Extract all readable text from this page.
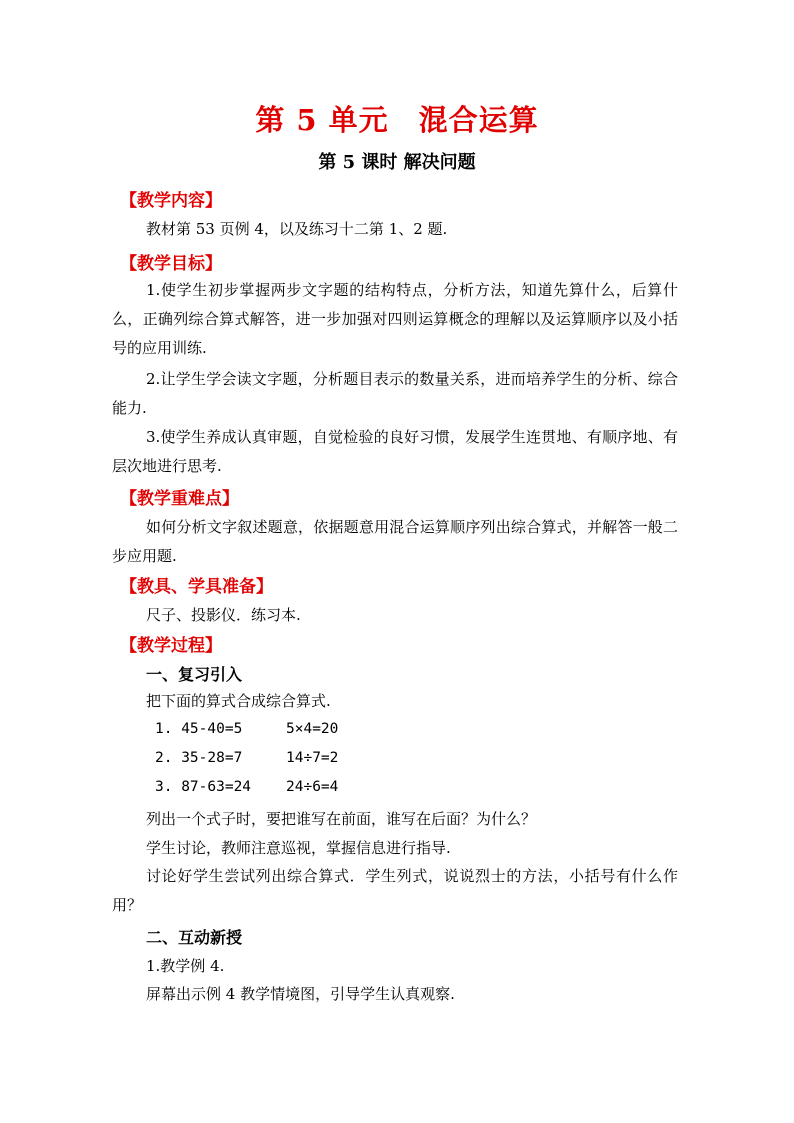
第 5 单元　混合运算
第 5 课时 解决问题
【教学内容】

教材第 53 页例 4，以及练习十二第 1、2 题.

【教学目标】

1.使学生初步掌握两步文字题的结构特点，分析方法，知道先算什么，后算什么，正确列综合算式解答，进一步加强对四则运算概念的理解以及运算顺序以及小括号的应用训练.

2.让学生学会读文字题，分析题目表示的数量关系，进而培养学生的分析、综合能力.

3.使学生养成认真审题，自觉检验的良好习惯，发展学生连贯地、有顺序地、有层次地进行思考.

【教学重难点】

如何分析文字叙述题意，依据题意用混合运算顺序列出综合算式，并解答一般二步应用题.

【教具、学具准备】

尺子、投影仪．练习本.

【教学过程】
一、复习引入
把下面的算式合成综合算式.
1. 45-40=5	5×4=20
2. 35-28=7	14÷7=2
3. 87-63=24 24÷6=4
列出一个式子时，要把谁写在前面，谁写在后面？为什么？
学生讨论，教师注意巡视，掌握信息进行指导.

讨论好学生尝试列出综合算式．学生列式，说说烈士的方法，小括号有什么作用？

二、互动新授
1.教学例 4.
屏幕出示例 4 教学情境图，引导学生认真观察.
